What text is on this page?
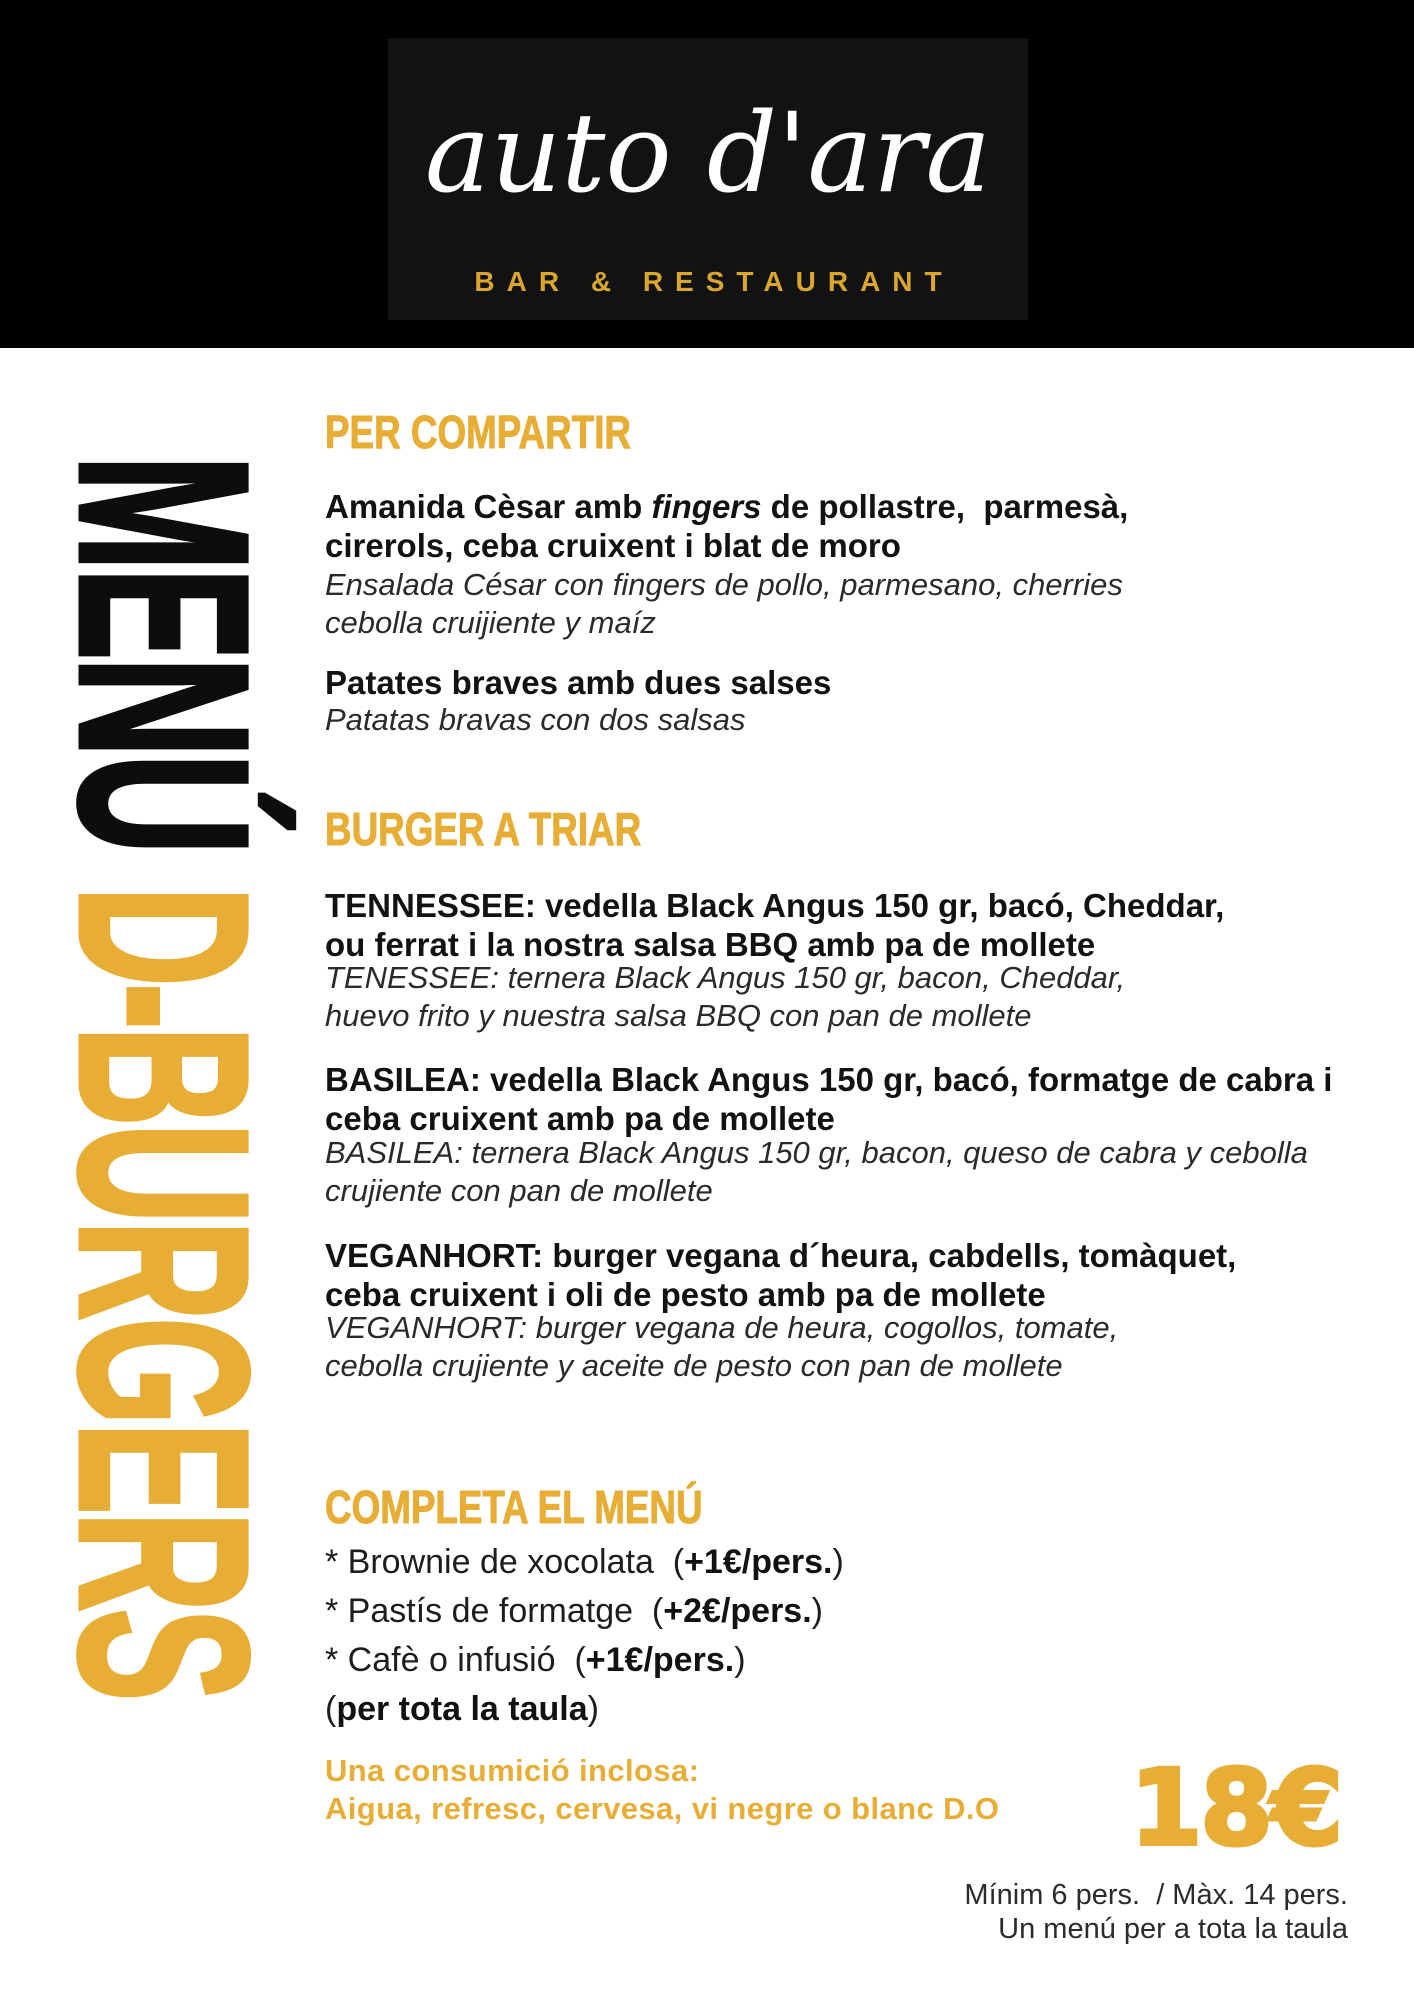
auto d'ara
BAR & RESTAURANT
MENÚ D-BURGERS
PER COMPARTIR
Amanida Cèsar amb fingers de pollastre,  parmesà,
cirerols, ceba cruixent i blat de moro
Ensalada César con fingers de pollo, parmesano, cherries
cebolla cruijiente y maíz
Patates braves amb dues salses
Patatas bravas con dos salsas
BURGER A TRIAR
TENNESSEE: vedella Black Angus 150 gr, bacó, Cheddar,
ou ferrat i la nostra salsa BBQ amb pa de mollete
TENESSEE: ternera Black Angus 150 gr, bacon, Cheddar,
huevo frito y nuestra salsa BBQ con pan de mollete
BASILEA: vedella Black Angus 150 gr, bacó, formatge de cabra i
ceba cruixent amb pa de mollete
BASILEA: ternera Black Angus 150 gr, bacon, queso de cabra y cebolla
crujiente con pan de mollete
VEGANHORT: burger vegana d´heura, cabdells, tomàquet,
ceba cruixent i oli de pesto amb pa de mollete
VEGANHORT: burger vegana de heura, cogollos, tomate,
cebolla crujiente y aceite de pesto con pan de mollete
COMPLETA EL MENÚ
* Brownie de xocolata  (+1€/pers.)
* Pastís de formatge  (+2€/pers.)
* Cafè o infusió  (+1€/pers.)
(per tota la taula)
Una consumició inclosa:
Aigua, refresc, cervesa, vi negre o blanc D.O 18€
Mínim 6 pers.  / Màx. 14 pers.
Un menú per a tota la taula
